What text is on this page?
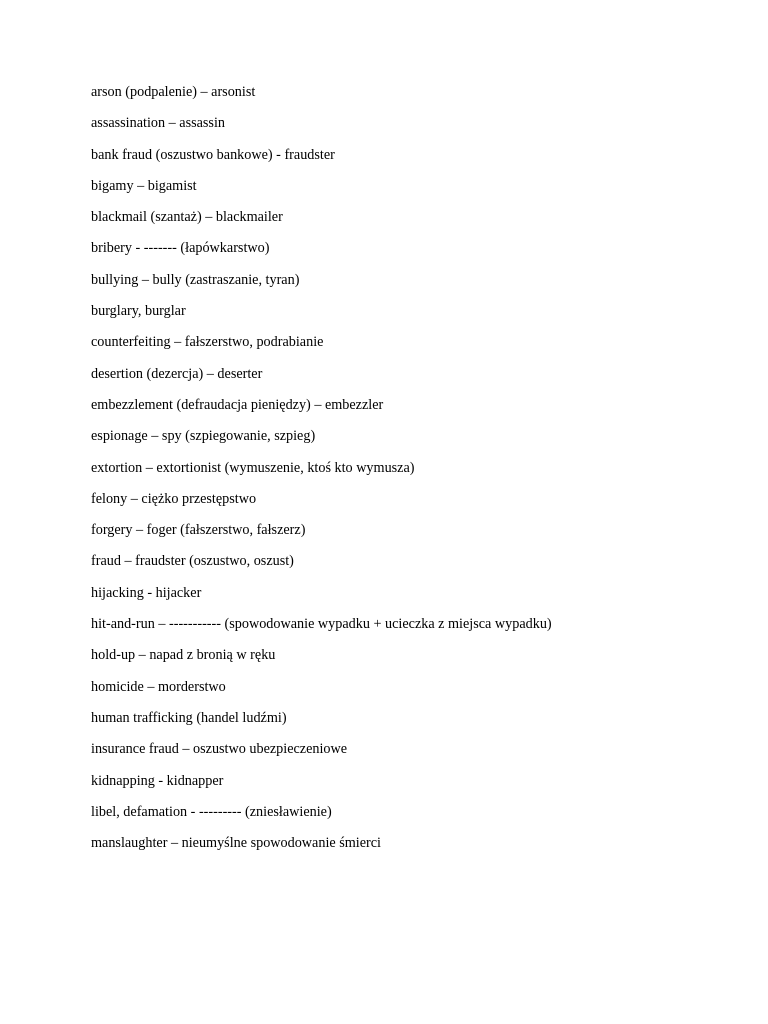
arson (podpalenie) – arsonist
assassination – assassin
bank fraud (oszustwo bankowe) - fraudster
bigamy – bigamist
blackmail (szantaż) – blackmailer
bribery - ------- (łapówkarstwo)
bullying – bully (zastraszanie, tyran)
burglary, burglar
counterfeiting – fałszerstwo, podrabianie
desertion (dezercja) – deserter
embezzlement (defraudacja pieniędzy) – embezzler
espionage – spy (szpiegowanie, szpieg)
extortion – extortionist (wymuszenie, ktoś kto wymusza)
felony – ciężko przestępstwo
forgery – foger (fałszerstwo, fałszerz)
fraud – fraudster (oszustwo, oszust)
hijacking - hijacker
hit-and-run – ----------- (spowodowanie wypadku + ucieczka z miejsca wypadku)
hold-up – napad z bronią w ręku
homicide – morderstwo
human trafficking (handel ludźmi)
insurance fraud – oszustwo ubezpieczeniowe
kidnapping - kidnapper
libel, defamation - --------- (zniesławienie)
manslaughter – nieumyślne spowodowanie śmierci
